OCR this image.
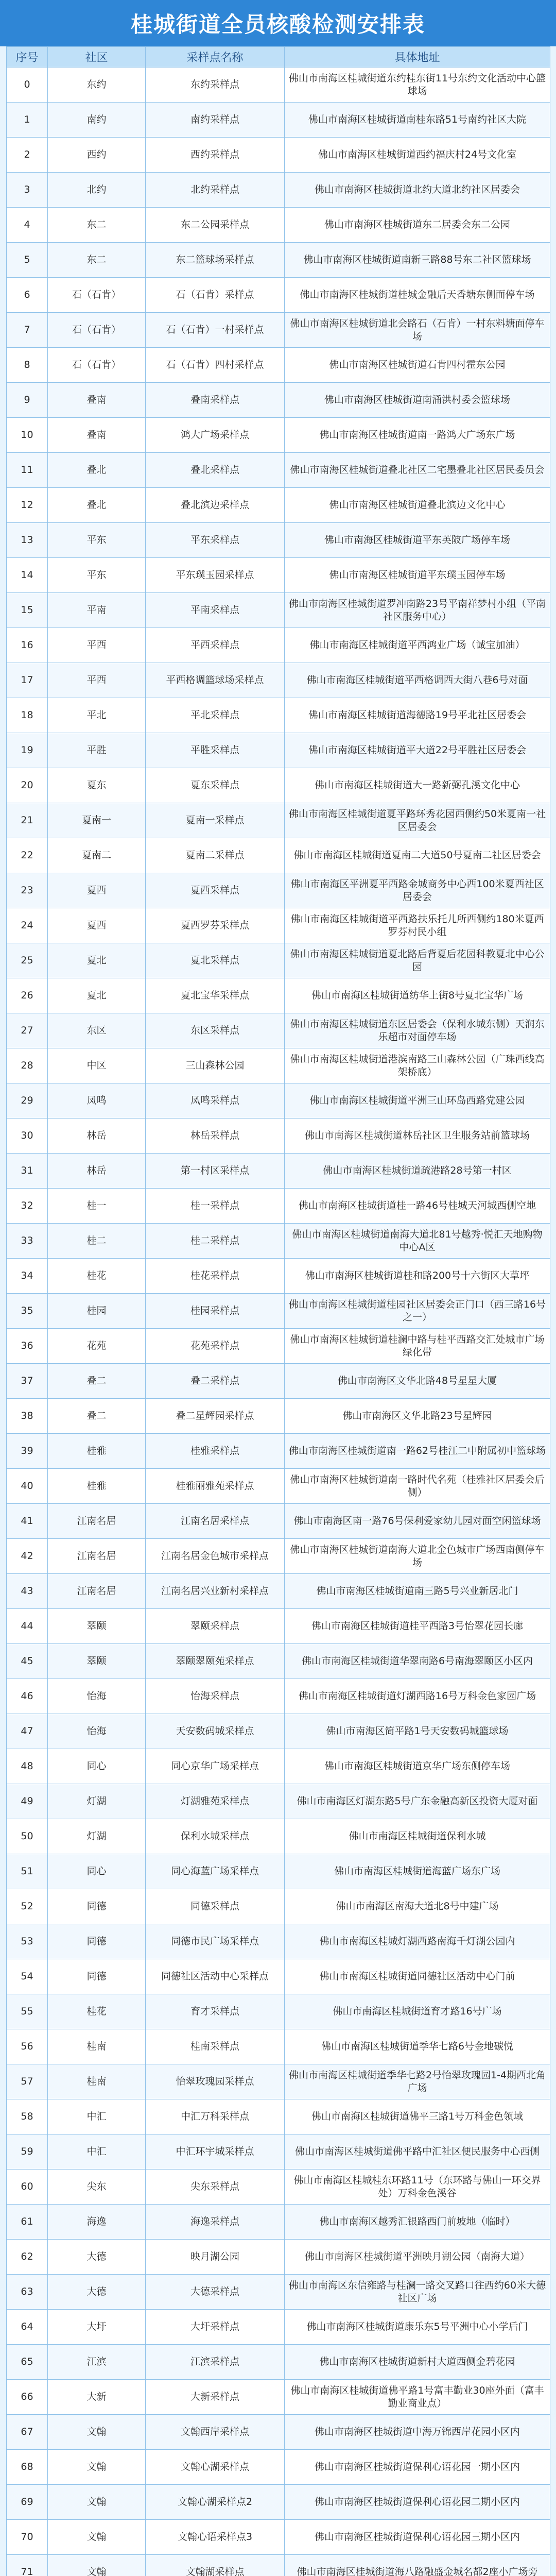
桂城街道全员核酸检测安排表
序号	社区	采样点名称	具体地址
0	东约	东约采样点	佛山市南海区桂城街道东约桂东街11号东约文化活动中心篮球场
1	南约	南约采样点	佛山市南海区桂城街道南桂东路51号南约社区大院
2	西约	西约采样点	佛山市南海区桂城街道西约福庆村24号文化室
3	北约	北约采样点	佛山市南海区桂城街道北约大道北约社区居委会
4	东二	东二公园采样点	佛山市南海区桂城街道东二居委会东二公园
5	东二	东二篮球场采样点	佛山市南海区桂城街道南新三路88号东二社区篮球场
6	石（石肯）	石（石肯）采样点	佛山市南海区桂城街道桂城金融后天香塘东侧面停车场
7	石（石肯）	石（石肯）一村采样点	佛山市南海区桂城街道北会路石（石肯）一村东料塘面停车场
8	石（石肯）	石（石肯）四村采样点	佛山市南海区桂城街道石肯四村霍东公园
9	叠南	叠南采样点	佛山市南海区桂城街道南涌洪村委会篮球场
10	叠南	鸿大广场采样点	佛山市南海区桂城街道南一路鸿大广场东广场
11	叠北	叠北采样点	佛山市南海区桂城街道叠北社区二宅墨叠北社区居民委员会
12	叠北	叠北滨边采样点	佛山市南海区桂城街道叠北滨边文化中心
13	平东	平东采样点	佛山市南海区桂城街道平东英陂广场停车场
14	平东	平东璞玉园采样点	佛山市南海区桂城街道平东璞玉园停车场
15	平南	平南采样点	佛山市南海区桂城街道罗冲南路23号平南祥梦村小组（平南社区服务中心）
16	平西	平西采样点	佛山市南海区桂城街道平西鸿业广场（诚宝加油）
17	平西	平西格调篮球场采样点	佛山市南海区桂城街道平西格调西大街八巷6号对面
18	平北	平北采样点	佛山市南海区桂城街道海德路19号平北社区居委会
19	平胜	平胜采样点	佛山市南海区桂城街道平大道22号平胜社区居委会
20	夏东	夏东采样点	佛山市南海区桂城街道大一路新弼孔溪文化中心
21	夏南一	夏南一采样点	佛山市南海区桂城街道夏平路环秀花园西侧约50米夏南一社区居委会
22	夏南二	夏南二采样点	佛山市南海区桂城街道夏南二大道50号夏南二社区居委会
23	夏西	夏西采样点	佛山市南海区平洲夏平西路金城商务中心西100米夏西社区居委会
24	夏西	夏西罗芬采样点	佛山市南海区桂城街道平西路扶乐托儿所西侧约180米夏西罗芬村民小组
25	夏北	夏北采样点	佛山市南海区桂城街道夏北路后背夏后花园科教夏北中心公园
26	夏北	夏北宝华采样点	佛山市南海区桂城街道纺华上街8号夏北宝华广场
27	东区	东区采样点	佛山市南海区桂城街道东区居委会（保利水城东侧）天润东乐超市对面停车场
28	中区	三山森林公园	佛山市南海区桂城街道港滨南路三山森林公园（广珠西线高架桥底）
29	凤鸣	凤鸣采样点	佛山市南海区桂城街道平洲三山环岛西路党建公园
30	林岳	林岳采样点	佛山市南海区桂城街道林岳社区卫生服务站前篮球场
31	林岳	第一村区采样点	佛山市南海区桂城街道疏港路28号第一村区
32	桂一	桂一采样点	佛山市南海区桂城街道桂一路46号桂城天河城西侧空地
33	桂二	桂二采样点	佛山市南海区桂城街道南海大道北81号越秀·悦汇天地购物中心A区
34	桂花	桂花采样点	佛山市南海区桂城街道桂和路200号十六街区大草坪
35	桂园	桂园采样点	佛山市南海区桂城街道桂园社区居委会正门口（西三路16号之一）
36	花苑	花苑采样点	佛山市南海区桂城街道桂澜中路与桂平西路交汇处城市广场绿化带
37	叠二	叠二采样点	佛山市南海区文华北路48号星星大厦
38	叠二	叠二星辉园采样点	佛山市南海区文华北路23号星辉园
39	桂雅	桂雅采样点	佛山市南海区桂城街道南一路62号桂江二中附属初中篮球场
40	桂雅	桂雅丽雅苑采样点	佛山市南海区桂城街道南一路时代名苑（桂雅社区居委会后侧）
41	江南名居	江南名居采样点	佛山市南海区南一路76号保利爱家幼儿园对面空闲篮球场
42	江南名居	江南名居金色城市采样点	佛山市南海区桂城街道南海大道北金色城市广场西南侧停车场
43	江南名居	江南名居兴业新村采样点	佛山市南海区桂城街道南三路5号兴业新居北门
44	翠颐	翠颐采样点	佛山市南海区桂城街道桂平西路3号怡翠花园长廊
45	翠颐	翠颐翠颐苑采样点	佛山市南海区桂城街道华翠南路6号南海翠颐区小区内
46	怡海	怡海采样点	佛山市南海区桂城街道灯湖西路16号万科金色家园广场
47	怡海	天安数码城采样点	佛山市南海区简平路1号天安数码城篮球场
48	同心	同心京华广场采样点	佛山市南海区桂城街道京华广场东侧停车场
49	灯湖	灯湖雅苑采样点	佛山市南海区灯湖东路5号广东金融高新区投资大厦对面
50	灯湖	保利水城采样点	佛山市南海区桂城街道保利水城
51	同心	同心海蓝广场采样点	佛山市南海区桂城街道海蓝广场东广场
52	同德	同德采样点	佛山市南海区南海大道北8号中建广场
53	同德	同德市民广场采样点	佛山市南海区桂城灯湖西路南海千灯湖公园内
54	同德	同德社区活动中心采样点	佛山市南海区桂城街道同德社区活动中心门前
55	桂花	育才采样点	佛山市南海区桂城街道育才路16号广场
56	桂南	桂南采样点	佛山市南海区桂城街道季华七路6号金地碳悦
57	桂南	怡翠玫瑰园采样点	佛山市南海区桂城街道季华七路2号怡翠玫瑰园1-4期西北角广场
58	中汇	中汇万科采样点	佛山市南海区桂城街道佛平三路1号万科金色领域
59	中汇	中汇环宇城采样点	佛山市南海区桂城街道佛平路中汇社区便民服务中心西侧
60	尖东	尖东采样点	佛山市南海区桂城桂东环路11号（东环路与佛山一环交界处）万科金色溪谷
61	海逸	海逸采样点	佛山市南海区越秀汇银路西门前坡地（临时）
62	大德	映月湖公园	佛山市南海区桂城街道平洲映月湖公园（南海大道）
63	大德	大德采样点	佛山市南海区东信雍路与桂澜一路交叉路口往西约60米大德社区广场
64	大圩	大圩采样点	佛山市南海区桂城街道康乐东5号平洲中心小学后门
65	江滨	江滨采样点	佛山市南海区桂城街道新村大道西侧金碧花园
66	大新	大新采样点	佛山市南海区桂城街道佛平路1号富丰勤业30座外面（富丰勤业商业点）
67	文翰	文翰西岸采样点	佛山市南海区桂城街道中海万锦西岸花园小区内
68	文翰	文翰心湖采样点	佛山市南海区桂城街道保利心语花园一期小区内
69	文翰	文翰心湖采样点2	佛山市南海区桂城街道保利心语花园二期小区内
70	文翰	文翰心语采样点3	佛山市南海区桂城街道保利心语花园三期小区内
71	文翰	文翰湖采样点	佛山市南海区桂城街道海八路融盛金城名都2座小广场旁
